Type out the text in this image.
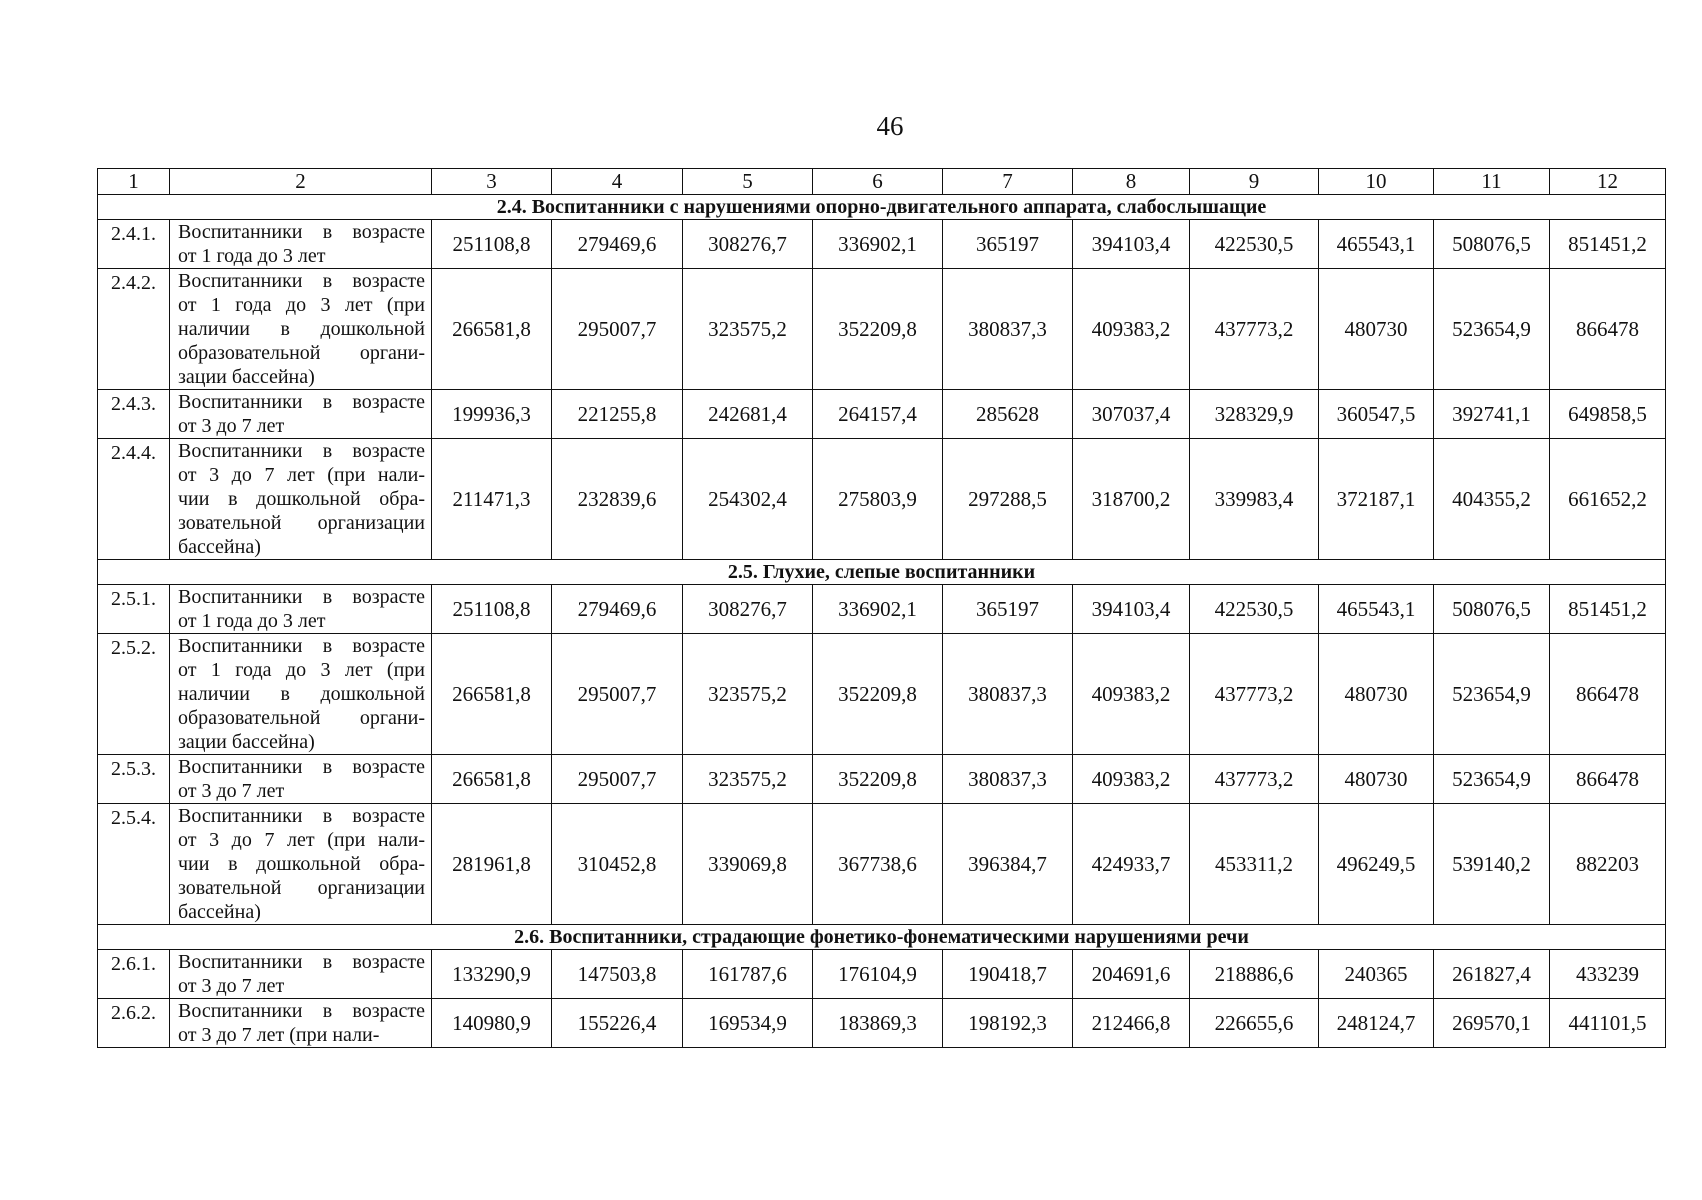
46
1	2	3	4	5	6	7	8	9	10	11	12
2.4. Воспитанники с нарушениями опорно-двигательного аппарата, слабослышащие											
2.4.1.	Воспитанники в возрасте
от 1 года до 3 лет	251108,8	279469,6	308276,7	336902,1	365197	394103,4	422530,5	465543,1	508076,5	851451,2
2.4.2.	Воспитанники в возрасте
от 1 года до 3 лет (при
наличии в дошкольной
образовательной органи-
зации бассейна)	266581,8	295007,7	323575,2	352209,8	380837,3	409383,2	437773,2	480730	523654,9	866478
2.4.3.	Воспитанники в возрасте
от 3 до 7 лет	199936,3	221255,8	242681,4	264157,4	285628	307037,4	328329,9	360547,5	392741,1	649858,5
2.4.4.	Воспитанники в возрасте
от 3 до 7 лет (при нали-
чии в дошкольной обра-
зовательной организации
бассейна)	211471,3	232839,6	254302,4	275803,9	297288,5	318700,2	339983,4	372187,1	404355,2	661652,2
2.5. Глухие, слепые воспитанники											
2.5.1.	Воспитанники в возрасте
от 1 года до 3 лет	251108,8	279469,6	308276,7	336902,1	365197	394103,4	422530,5	465543,1	508076,5	851451,2
2.5.2.	Воспитанники в возрасте
от 1 года до 3 лет (при
наличии в дошкольной
образовательной органи-
зации бассейна)	266581,8	295007,7	323575,2	352209,8	380837,3	409383,2	437773,2	480730	523654,9	866478
2.5.3.	Воспитанники в возрасте
от 3 до 7 лет	266581,8	295007,7	323575,2	352209,8	380837,3	409383,2	437773,2	480730	523654,9	866478
2.5.4.	Воспитанники в возрасте
от 3 до 7 лет (при нали-
чии в дошкольной обра-
зовательной организации
бассейна)	281961,8	310452,8	339069,8	367738,6	396384,7	424933,7	453311,2	496249,5	539140,2	882203
2.6. Воспитанники, страдающие фонетико-фонематическими нарушениями речи											
2.6.1.	Воспитанники в возрасте
от 3 до 7 лет	133290,9	147503,8	161787,6	176104,9	190418,7	204691,6	218886,6	240365	261827,4	433239
2.6.2.	Воспитанники в возрасте
от 3 до 7 лет (при нали-	140980,9	155226,4	169534,9	183869,3	198192,3	212466,8	226655,6	248124,7	269570,1	441101,5
